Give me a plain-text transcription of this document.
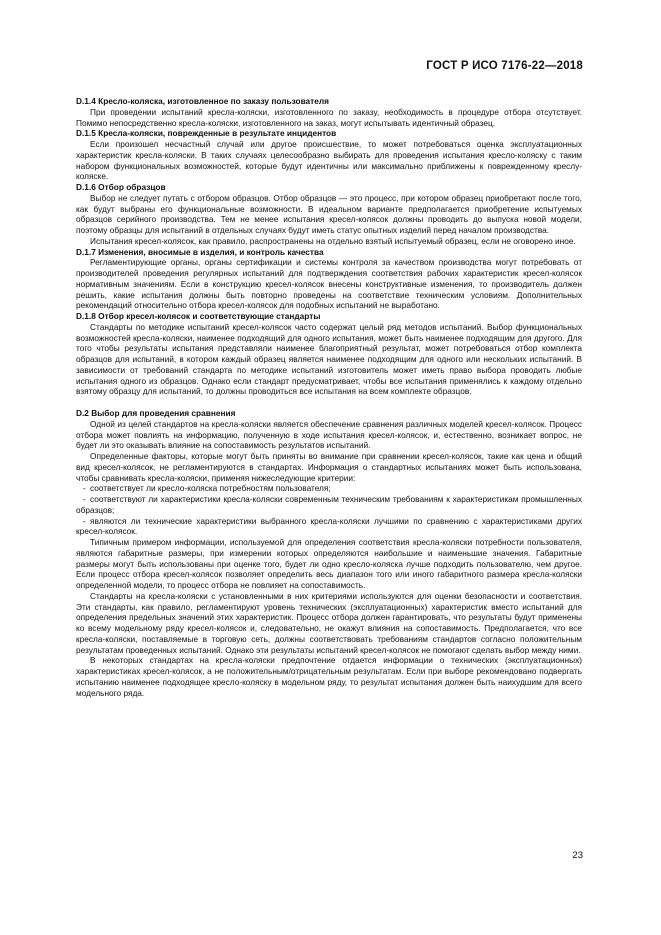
ГОСТ Р ИСО 7176-22—2018

D.1.4 Кресло-коляска, изготовленное по заказу пользователя

При проведении испытаний кресла-коляски, изготовленного по заказу, необходимость в процедуре отбора отсутствует. Помимо непосредственно кресла-коляски, изготовленного на заказ, могут испытывать идентичный образец.

D.1.5 Кресла-коляски, поврежденные в результате инцидентов

Если произошел несчастный случай или другое происшествие, то может потребоваться оценка эксплуатационных характеристик кресла-коляски. В таких случаях целесообразно выбирать для проведения испытания кресло-коляску с таким набором функциональных возможностей, которые будут идентичны или максимально приближены к поврежденному креслу-коляске.

D.1.6 Отбор образцов

Выбор не следует путать с отбором образцов. Отбор образцов — это процесс, при котором образец приобретают после того, как будут выбраны его функциональные возможности. В идеальном варианте предполагается приобретение испытуемых образцов серийного производства. Тем не менее испытания кресел-колясок должны проводить до выпуска новой модели, поэтому образцы для испытаний в отдельных случаях будут иметь статус опытных изделий перед началом производства.

Испытания кресел-колясок, как правило, распространены на отдельно взятый испытуемый образец, если не оговорено иное.

D.1.7 Изменения, вносимые в изделия, и контроль качества

Регламентирующие органы, органы сертификации и системы контроля за качеством производства могут потребовать от производителей проведения регулярных испытаний для подтверждения соответствия рабочих характеристик кресел-колясок нормативным значениям. Если в конструкцию кресел-колясок внесены конструктивные изменения, то производитель должен решить, какие испытания должны быть повторно проведены на соответствие техническим условиям. Дополнительных рекомендаций относительно отбора кресел-колясок для подобных испытаний не выработано.

D.1.8 Отбор кресел-колясок и соответствующие стандарты

Стандарты по методике испытаний кресел-колясок часто содержат целый ряд методов испытаний. Выбор функциональных возможностей кресла-коляски, наименее подходящий для одного испытания, может быть наименее подходящим для другого. Для того чтобы результаты испытания представляли наименее благоприятный результат, может потребоваться отбор комплекта образцов для испытаний, в котором каждый образец является наименее подходящим для одного или нескольких испытаний. В зависимости от требований стандарта по методике испытаний изготовитель может иметь право выбора проводить любые испытания одного из образцов. Однако если стандарт предусматривает, чтобы все испытания применялись к каждому отдельно взятому образцу для испытаний, то должны проводиться все испытания на всем комплекте образцов.

D.2 Выбор для проведения сравнения

Одной из целей стандартов на кресла-коляски является обеспечение сравнения различных моделей кресел-колясок. Процесс отбора может повлиять на информацию, полученную в ходе испытания кресел-колясок, и, естественно, возникает вопрос, не будет ли это оказывать влияние на сопоставимость результатов испытаний.

Определенные факторы, которые могут быть приняты во внимание при сравнении кресел-колясок, такие как цена и общий вид кресел-колясок, не регламентируются в стандартах. Информация о стандартных испытаниях может быть использована, чтобы сравнивать кресла-коляски, применяя нижеследующие критерии:

- соответствует ли кресло-коляска потребностям пользователя;

- соответствуют ли характеристики кресла-коляски современным техническим требованиям к характеристикам промышленных образцов;

- являются ли технические характеристики выбранного кресла-коляски лучшими по сравнению с характеристиками других кресел-колясок.

Типичным примером информации, используемой для определения соответствия кресла-коляски потребности пользователя, являются габаритные размеры, при измерении которых определяются наибольшие и наименьшие значения. Габаритные размеры могут быть использованы при оценке того, будет ли одно кресло-коляска лучше подходить пользователю, чем другое. Если процесс отбора кресел-колясок позволяет определить весь диапазон того или иного габаритного размера кресла-коляски определенной модели, то процесс отбора не повлияет на сопоставимость.

Стандарты на кресла-коляски с установленными в них критериями используются для оценки безопасности и соответствия. Эти стандарты, как правило, регламентируют уровень технических (эксплуатационных) характеристик вместо испытаний для определения предельных значений этих характеристик. Процесс отбора должен гарантировать, что результаты будут применены ко всему модельному ряду кресел-колясок и, следовательно, не окажут влияния на сопоставимость. Предполагается, что все кресла-коляски, поставляемые в торговую сеть, должны соответствовать требованиям стандартов согласно положительным результатам проведенных испытаний. Однако эти результаты испытаний кресел-колясок не помогают сделать выбор между ними.

В некоторых стандартах на кресла-коляски предпочтение отдается информации о технических (эксплуатационных) характеристиках кресел-колясок, а не положительным/отрицательным результатам. Если при выборе рекомендовано подвергать испытанию наименее подходящее кресло-коляску в модельном ряду, то результат испытания должен быть наихудшим для всего модельного ряда.

23
